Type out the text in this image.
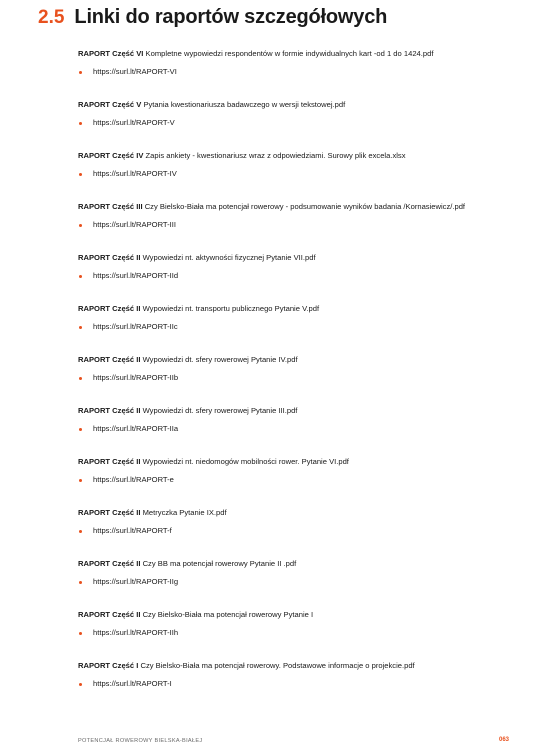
2.5 Linki do raportów szczegółowych
RAPORT Część VI Kompletne wypowiedzi respondentów w formie indywidualnych kart -od 1 do 1424.pdf
https://surl.lt/RAPORT-VI
RAPORT Część V Pytania kwestionariusza badawczego w wersji tekstowej.pdf
https://surl.lt/RAPORT-V
RAPORT Część IV Zapis ankiety - kwestionariusz wraz z odpowiedziami. Surowy plik excela.xlsx
https://surl.lt/RAPORT-IV
RAPORT Część III Czy Bielsko-Biała ma potencjał rowerowy - podsumowanie wyników badania /Kornasiewicz/.pdf
https://surl.lt/RAPORT-III
RAPORT Część II Wypowiedzi nt. aktywności fizycznej Pytanie VII.pdf
https://surl.lt/RAPORT-IId
RAPORT Część II Wypowiedzi nt. transportu publicznego Pytanie V.pdf
https://surl.lt/RAPORT-IIc
RAPORT Część II Wypowiedzi dt. sfery rowerowej Pytanie IV.pdf
https://surl.lt/RAPORT-IIb
RAPORT Część II Wypowiedzi dt. sfery rowerowej Pytanie III.pdf
https://surl.lt/RAPORT-IIa
RAPORT Część II Wypowiedzi nt. niedomogów mobilności rower. Pytanie VI.pdf
https://surl.lt/RAPORT-e
RAPORT Część II Metryczka Pytanie IX.pdf
https://surl.lt/RAPORT-f
RAPORT Część II Czy BB ma potencjał rowerowy Pytanie II .pdf
https://surl.lt/RAPORT-IIg
RAPORT Część II Czy Bielsko-Biała ma potencjał rowerowy Pytanie I
https://surl.lt/RAPORT-IIh
RAPORT Część I Czy Bielsko-Biała ma potencjał rowerowy. Podstawowe informacje o projekcie.pdf
https://surl.lt/RAPORT-I
POTENCJAŁ ROWEROWY BIELSKA-BIAŁEJ	063
